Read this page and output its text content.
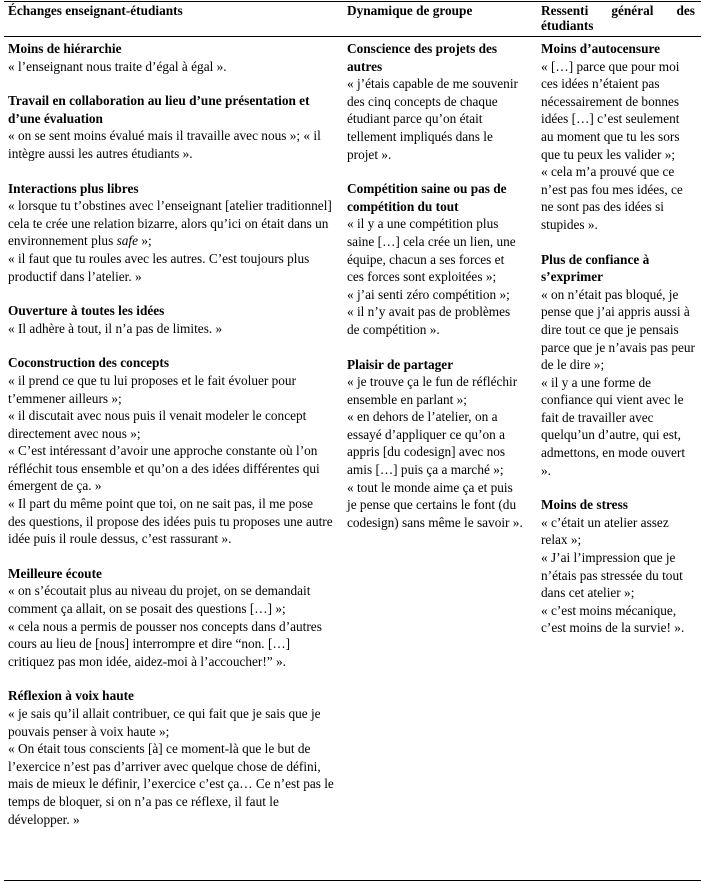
Échanges enseignant-étudiants	Dynamique de groupe	Ressenti général des étudiants
Moins de hiérarchie

« l’enseignant nous traite d’égal à égal ».

Travail en collaboration au lieu d’une présentation et d’une évaluation

« on se sent moins évalué mais il travaille avec nous »; « il intègre aussi les autres étudiants ».

Interactions plus libres

« lorsque tu t’obstines avec l’enseignant [atelier traditionnel] cela te crée une relation bizarre, alors qu’ici on était dans un environnement plus safe »;

« il faut que tu roules avec les autres. C’est toujours plus productif dans l’atelier. »

Ouverture à toutes les idées

« Il adhère à tout, il n’a pas de limites. »

Coconstruction des concepts

« il prend ce que tu lui proposes et le fait évoluer pour t’emmener ailleurs »;

« il discutait avec nous puis il venait modeler le concept directement avec nous »;

« C’est intéressant d’avoir une approche constante où l’on réfléchit tous ensemble et qu’on a des idées différentes qui émergent de ça. »

« Il part du même point que toi, on ne sait pas, il me pose des questions, il propose des idées puis tu proposes une autre idée puis il roule dessus, c’est rassurant ».

Meilleure écoute

« on s’écoutait plus au niveau du projet, on se demandait comment ça allait, on se posait des questions […] »;

« cela nous a permis de pousser nos concepts dans d’autres cours au lieu de [nous] interrompre et dire “non. […] critiquez pas mon idée, aidez-moi à l’accoucher!” ».

Réflexion à voix haute

« je sais qu’il allait contribuer, ce qui fait que je sais que je pouvais penser à voix haute »;

« On était tous conscients [à] ce moment-là que le but de l’exercice n’est pas d’arriver avec quelque chose de défini, mais de mieux le définir, l’exercice c’est ça… Ce n’est pas le temps de bloquer, si on n’a pas ce réflexe, il faut le développer. »

Conscience des projets des autres

« j’étais capable de me souvenir des cinq concepts de chaque étudiant parce qu’on était tellement impliqués dans le projet ».

Compétition saine ou pas de compétition du tout

« il y a une compétition plus saine […] cela crée un lien, une équipe, chacun a ses forces et ces forces sont exploitées »;

« j’ai senti zéro compétition »;

« il n’y avait pas de problèmes de compétition ».

Plaisir de partager

« je trouve ça le fun de réfléchir ensemble en parlant »;

« en dehors de l’atelier, on a essayé d’appliquer ce qu’on a appris [du codesign] avec nos amis […] puis ça a marché »;

« tout le monde aime ça et puis je pense que certains le font (du codesign) sans même le savoir ».

Moins d’autocensure

« […] parce que pour moi ces idées n’étaient pas nécessairement de bonnes idées […] c’est seulement au moment que tu les sors que tu peux les valider »;

« cela m’a prouvé que ce n’est pas fou mes idées, ce ne sont pas des idées si stupides ».

Plus de confiance à s’exprimer

« on n’était pas bloqué, je pense que j’ai appris aussi à dire tout ce que je pensais parce que je n’avais pas peur de le dire »;

« il y a une forme de confiance qui vient avec le fait de travailler avec quelqu’un d’autre, qui est, admettons, en mode ouvert ».

Moins de stress

« c’était un atelier assez relax »;

« J’ai l’impression que je n’étais pas stressée du tout dans cet atelier »;

« c’est moins mécanique, c’est moins de la survie! ».
